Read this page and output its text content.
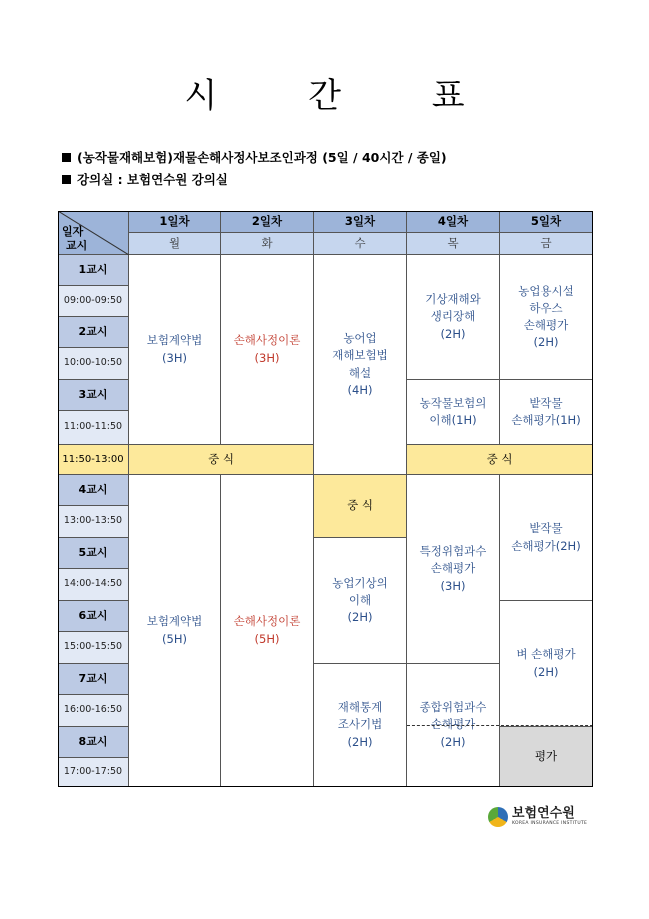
시 간 표
(농작물재해보험)재물손해사정사보조인과정 (5일 / 40시간 / 종일)
강의실 : 보험연수원 강의실
일자
교시
1일차
월
2일차
화
3일차
수
4일차
목
5일차
금
1교시
09:00-09:50
2교시
10:00-10:50
3교시
11:00-11:50
11:50-13:00
4교시
13:00-13:50
5교시
14:00-14:50
6교시
15:00-15:50
7교시
16:00-16:50
8교시
17:00-17:50
보험계약법
(3H)
손해사정이론
(3H)
농어업
재해보험법
해설
(4H)
기상재해와
생리장해
(2H)
농업용시설
하우스
손해평가
(2H)
농작물보험의
이해(1H)
밭작물
손해평가(1H)
중 식	중 식
보험계약법
(5H)
손해사정이론
(5H)
중 식
농업기상의
이해
(2H)
재해통계
조사기법
(2H)
특정위험과수
손해평가
(3H)
종합위험과수
손해평가
(2H)
밭작물
손해평가(2H)
벼 손해평가
(2H)
평가
보험연수원
KOREA INSURANCE INSTITUTE
